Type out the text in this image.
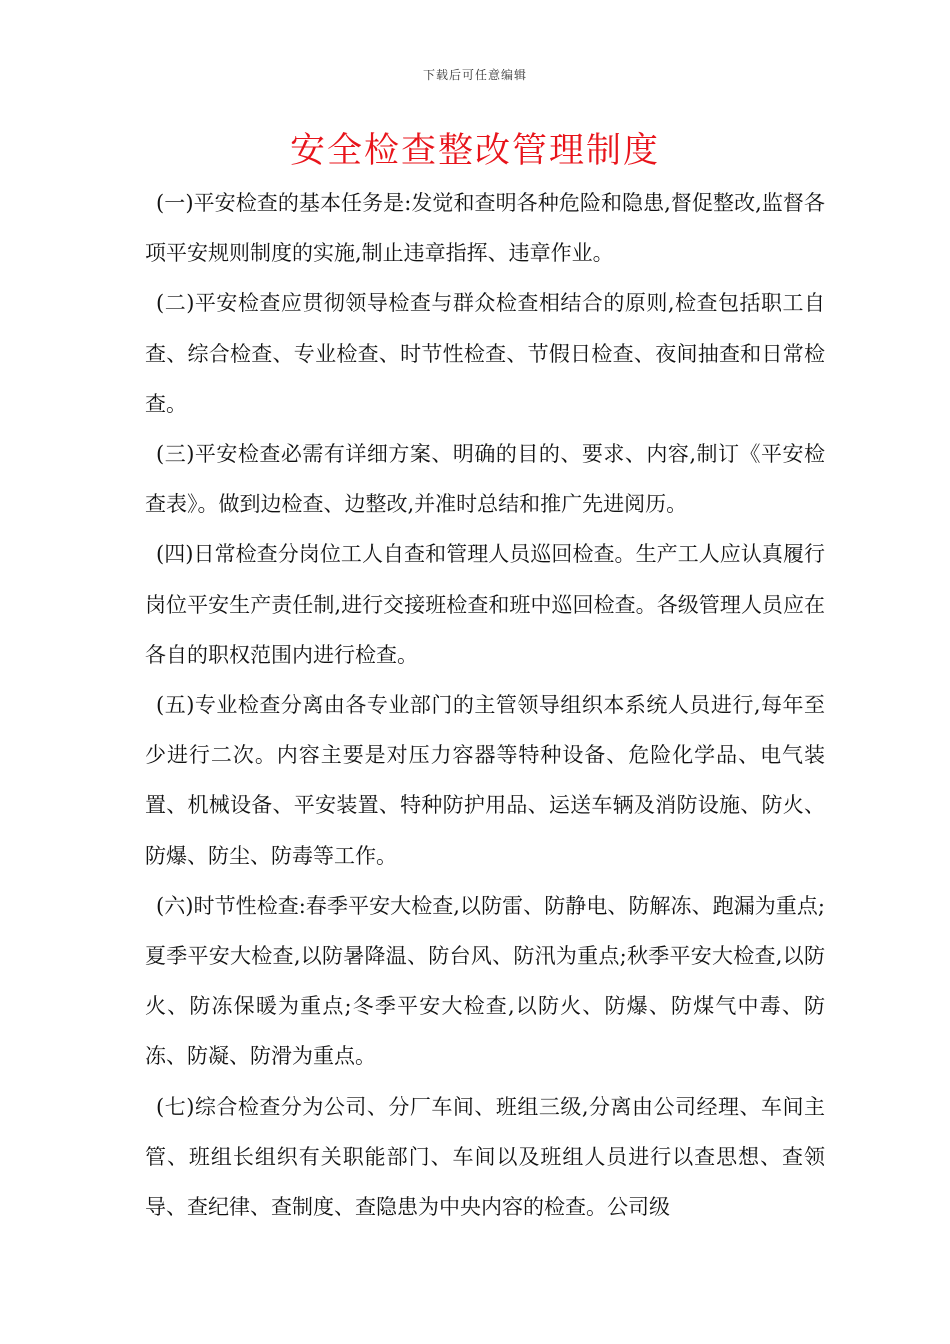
下载后可任意编辑
安全检查整改管理制度

(一)平安检查的基本任务是:发觉和查明各种危险和隐患,督促整改,监督各项平安规则制度的实施,制止违章指挥、违章作业。

(二)平安检查应贯彻领导检查与群众检查相结合的原则,检查包括职工自查、综合检查、专业检查、时节性检查、节假日检查、夜间抽查和日常检查。

(三)平安检查必需有详细方案、明确的目的、要求、内容,制订《平安检查表》。做到边检查、边整改,并准时总结和推广先进阅历。

(四)日常检查分岗位工人自查和管理人员巡回检查。生产工人应认真履行岗位平安生产责任制,进行交接班检查和班中巡回检查。各级管理人员应在各自的职权范围内进行检查。

(五)专业检查分离由各专业部门的主管领导组织本系统人员进行,每年至少进行二次。内容主要是对压力容器等特种设备、危险化学品、电气装置、机械设备、平安装置、特种防护用品、运送车辆及消防设施、防火、防爆、防尘、防毒等工作。

(六)时节性检查:春季平安大检查,以防雷、防静电、防解冻、跑漏为重点;夏季平安大检查,以防暑降温、防台风、防汛为重点;秋季平安大检查,以防火、防冻保暖为重点;冬季平安大检查,以防火、防爆、防煤气中毒、防冻、防凝、防滑为重点。

(七)综合检查分为公司、分厂车间、班组三级,分离由公司经理、车间主管、班组长组织有关职能部门、车间以及班组人员进行以查思想、查领导、查纪律、查制度、查隐患为中央内容的检查。公司级
